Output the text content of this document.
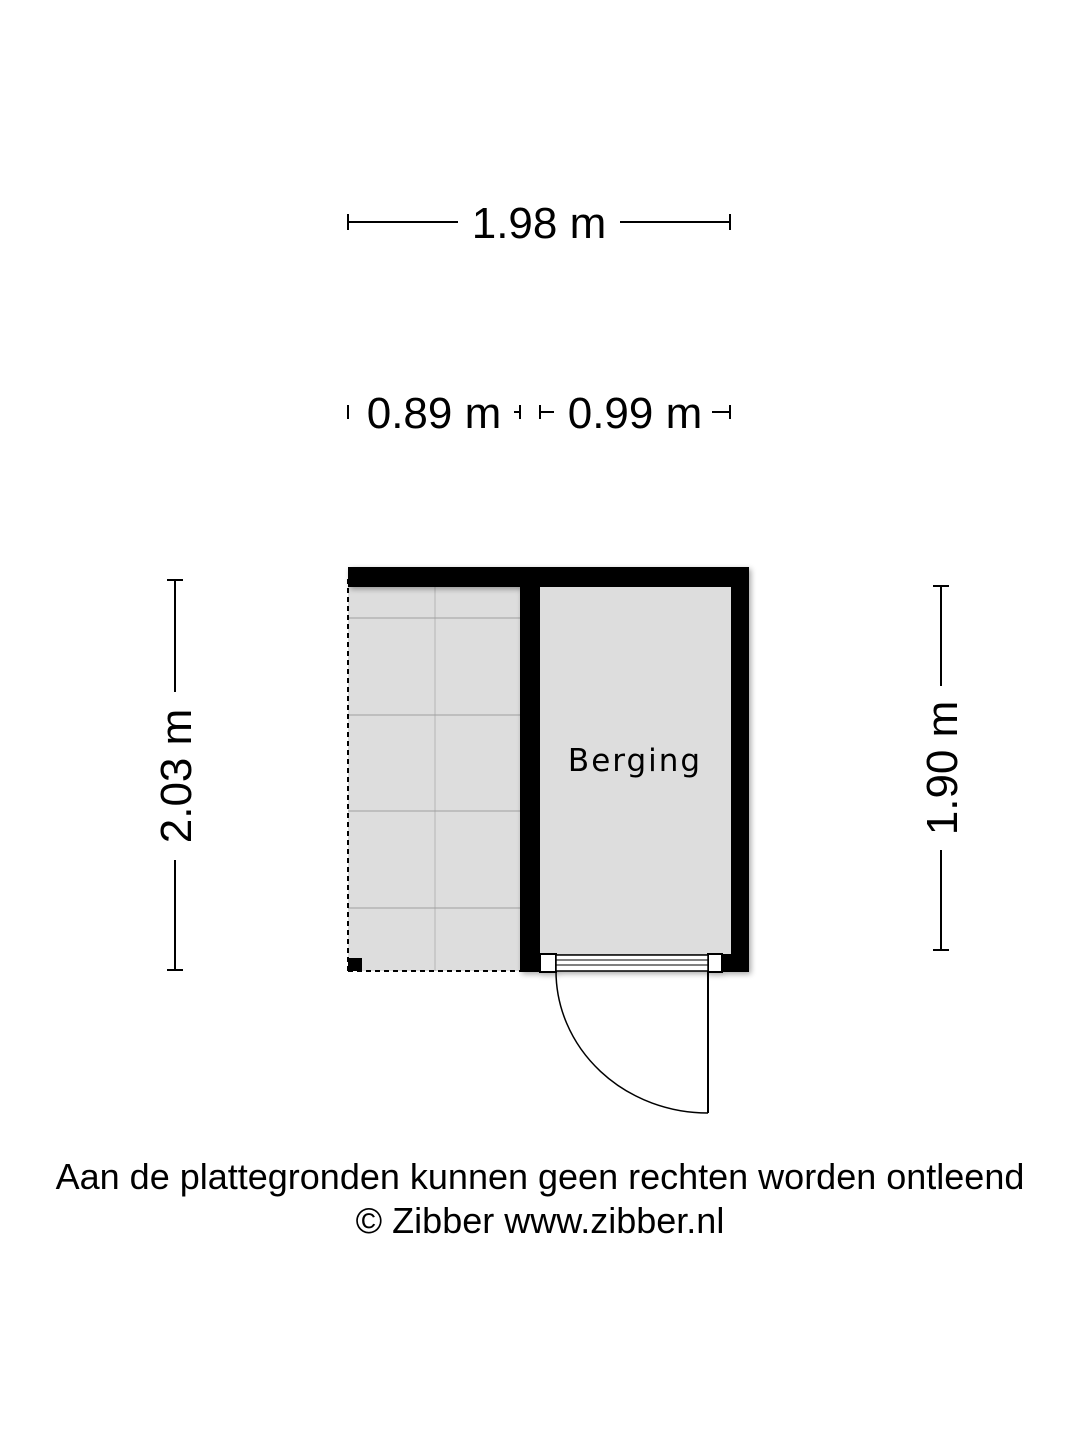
1.98 m
0.89 m 0.99 m
2.03 m	1.90 m
Berging
Aan de plattegronden kunnen geen rechten worden ontleend
© Zibber www.zibber.nl
